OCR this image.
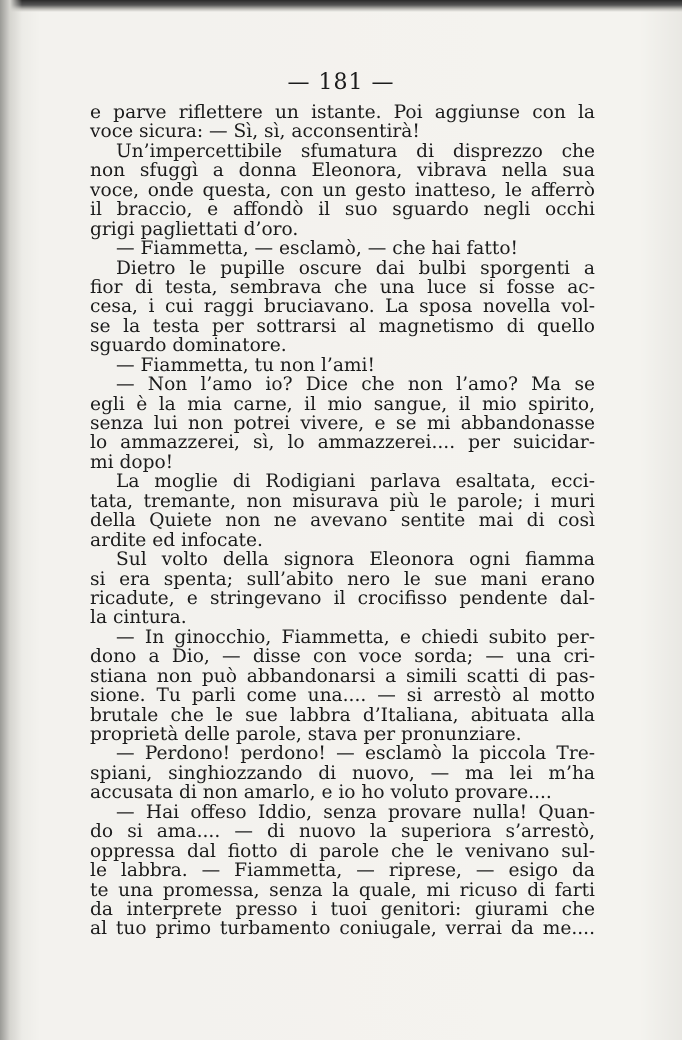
— 181 —
e parve riflettere un istante. Poi aggiunse con la
voce sicura: — Sì, sì, acconsentirà!
Un’impercettibile sfumatura di disprezzo che
non sfuggì a donna Eleonora, vibrava nella sua
voce, onde questa, con un gesto inatteso, le afferrò
il braccio, e affondò il suo sguardo negli occhi
grigi pagliettati d’oro.
— Fiammetta, — esclamò, — che hai fatto!
Dietro le pupille oscure dai bulbi sporgenti a
fior di testa, sembrava che una luce si fosse ac-
cesa, i cui raggi bruciavano. La sposa novella vol-
se la testa per sottrarsi al magnetismo di quello
sguardo dominatore.
— Fiammetta, tu non l’ami!
— Non l’amo io? Dice che non l’amo? Ma se
egli è la mia carne, il mio sangue, il mio spirito,
senza lui non potrei vivere, e se mi abbandonasse
lo ammazzerei, sì, lo ammazzerei.... per suicidar-
mi dopo!
La moglie di Rodigiani parlava esaltata, ecci-
tata, tremante, non misurava più le parole; i muri
della Quiete non ne avevano sentite mai di così
ardite ed infocate.
Sul volto della signora Eleonora ogni fiamma
si era spenta; sull’abito nero le sue mani erano
ricadute, e stringevano il crocifisso pendente dal-
la cintura.
— In ginocchio, Fiammetta, e chiedi subito per-
dono a Dio, — disse con voce sorda; — una cri-
stiana non può abbandonarsi a simili scatti di pas-
sione. Tu parli come una.... — si arrestò al motto
brutale che le sue labbra d’Italiana, abituata alla
proprietà delle parole, stava per pronunziare.
— Perdono! perdono! — esclamò la piccola Tre-
spiani, singhiozzando di nuovo, — ma lei m’ha
accusata di non amarlo, e io ho voluto provare....
— Hai offeso Iddio, senza provare nulla! Quan-
do si ama.... — di nuovo la superiora s’arrestò,
oppressa dal fiotto di parole che le venivano sul-
le labbra. — Fiammetta, — riprese, — esigo da
te una promessa, senza la quale, mi ricuso di farti
da interprete presso i tuoi genitori: giurami che
al tuo primo turbamento coniugale, verrai da me....
